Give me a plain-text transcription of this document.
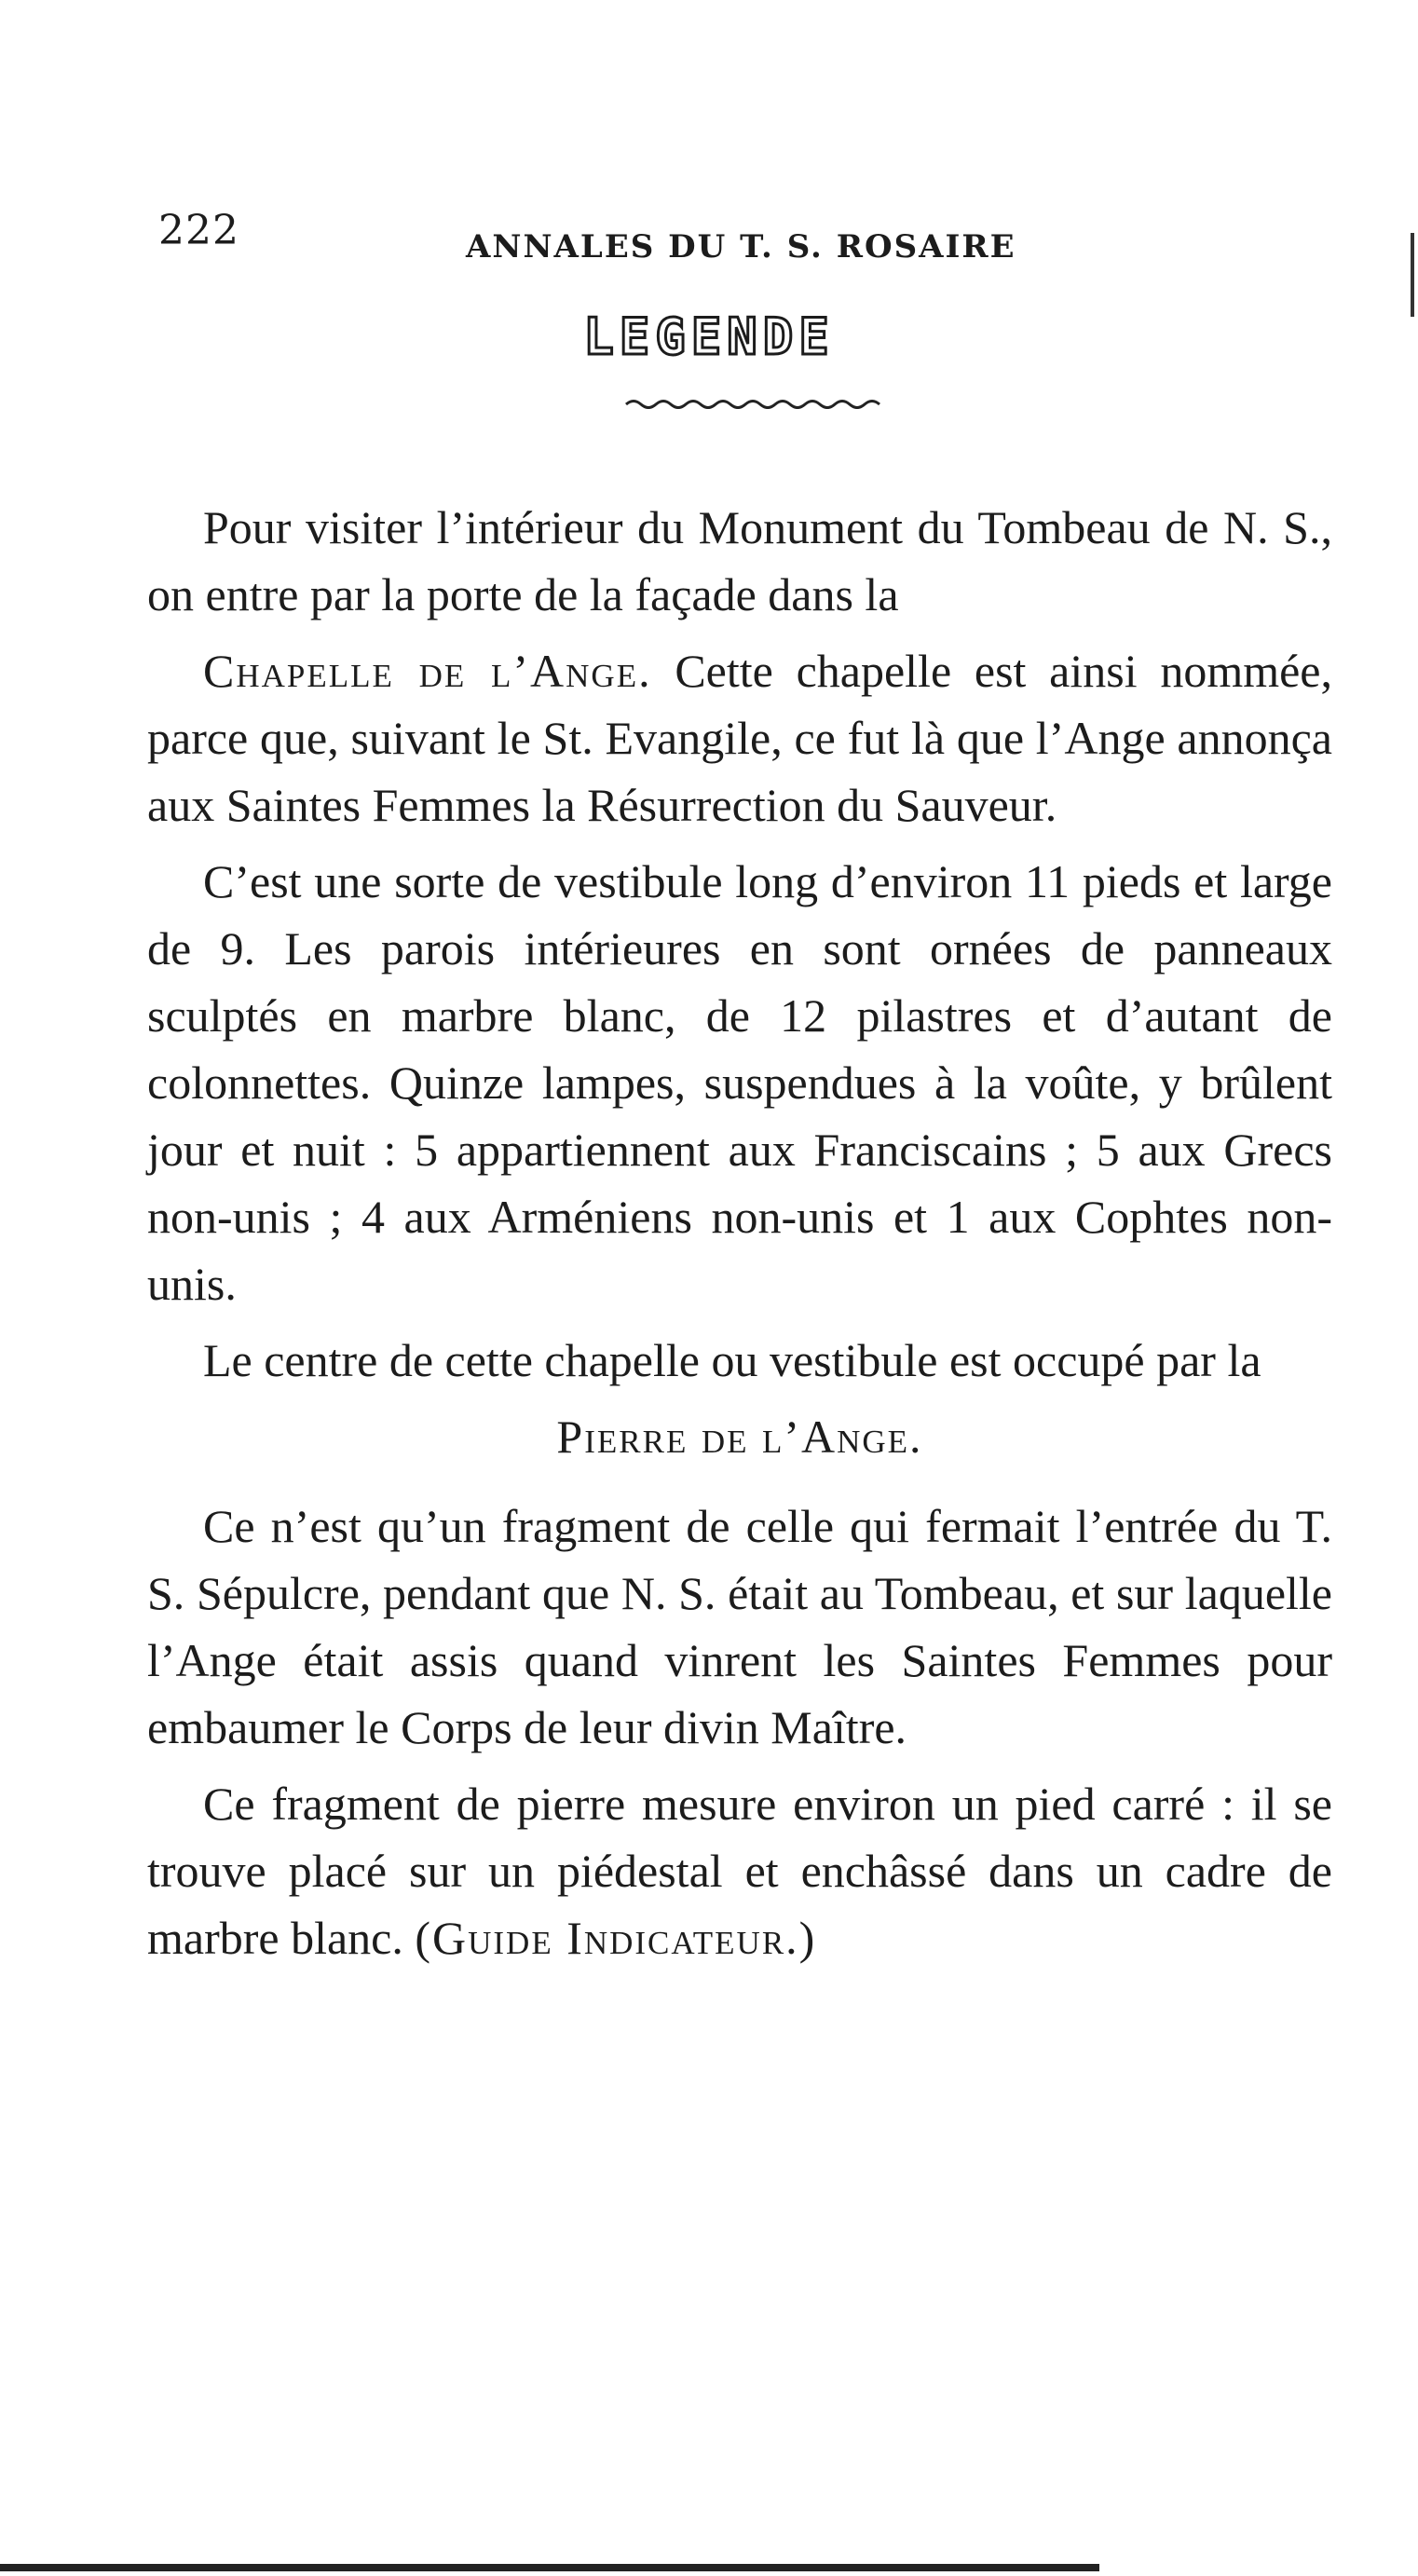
222	ANNALES DU T. S. ROSAIRE
LEGENDE

Pour visiter l’intérieur du Monument du Tombeau de N. S., on entre par la porte de la façade dans la

Chapelle de l’Ange. Cette chapelle est ainsi nommée, parce que, suivant le St. Evangile, ce fut là que l’Ange annonça aux Saintes Femmes la Résurrection du Sauveur.

C’est une sorte de vestibule long d’environ 11 pieds et large de 9. Les parois intérieures en sont ornées de panneaux sculptés en marbre blanc, de 12 pilastres et d’autant de colonnettes. Quinze lampes, suspendues à la voûte, y brûlent jour et nuit : 5 appartiennent aux Franciscains ; 5 aux Grecs non-unis ; 4 aux Arméniens non-unis et 1 aux Cophtes non-unis.

Le centre de cette chapelle ou vestibule est occupé par la

Pierre de l’Ange.

Ce n’est qu’un fragment de celle qui fermait l’entrée du T. S. Sépulcre, pendant que N. S. était au Tombeau, et sur laquelle l’Ange était assis quand vinrent les Saintes Femmes pour embaumer le Corps de leur divin Maître.

Ce fragment de pierre mesure environ un pied carré : il se trouve placé sur un piédestal et enchâssé dans un cadre de marbre blanc. (Guide Indicateur.)
